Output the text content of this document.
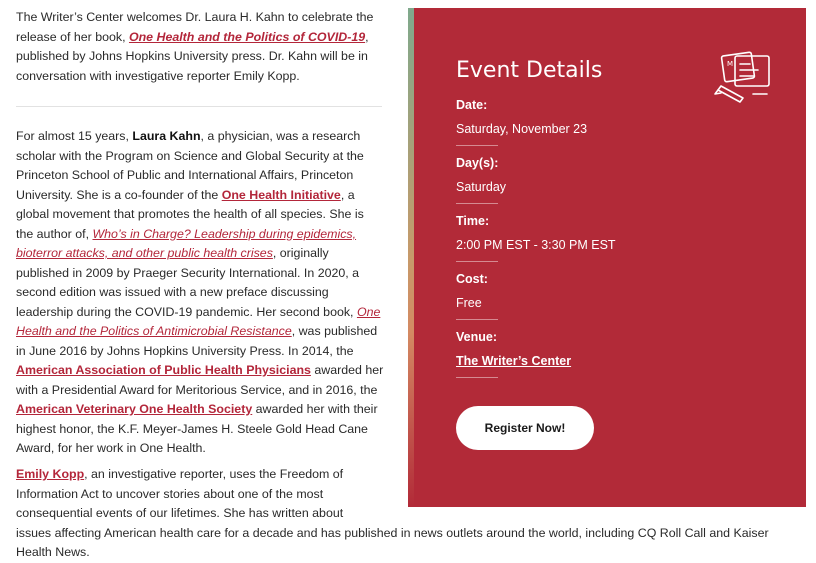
The Writer’s Center welcomes Dr. Laura H. Kahn to celebrate the release of her book, One Health and the Politics of COVID-19, published by Johns Hopkins University press. Dr. Kahn will be in conversation with investigative reporter Emily Kopp.

For almost 15 years, Laura Kahn, a physician, was a research scholar with the Program on Science and Global Security at the Princeton School of Public and International Affairs, Princeton University. She is a co-founder of the One Health Initiative, a global movement that promotes the health of all species. She is the author of, Who’s in Charge? Leadership during epidemics, bioterror attacks, and other public health crises, originally published in 2009 by Praeger Security International. In 2020, a second edition was issued with a new preface discussing leadership during the COVID-19 pandemic. Her second book, One Health and the Politics of Antimicrobial Resistance, was published in June 2016 by Johns Hopkins University Press. In 2014, the American Association of Public Health Physicians awarded her with a Presidential Award for Meritorious Service, and in 2016, the American Veterinary One Health Society awarded her with their highest honor, the K.F. Meyer-James H. Steele Gold Head Cane Award, for her work in One Health.

Emily Kopp, an investigative reporter, uses the Freedom of
Information Act to uncover stories about one of the most
consequential events of our lifetimes. She has written about
issues affecting American health care for a decade and has published in news outlets around the world, including CQ Roll Call and Kaiser
Health News.
Event Details	M

Date:

Saturday, November 23

Day(s):

Saturday

Time:

2:00 PM EST - 3:30 PM EST

Cost:

Free

Venue:

The Writer’s Center

Register Now!
